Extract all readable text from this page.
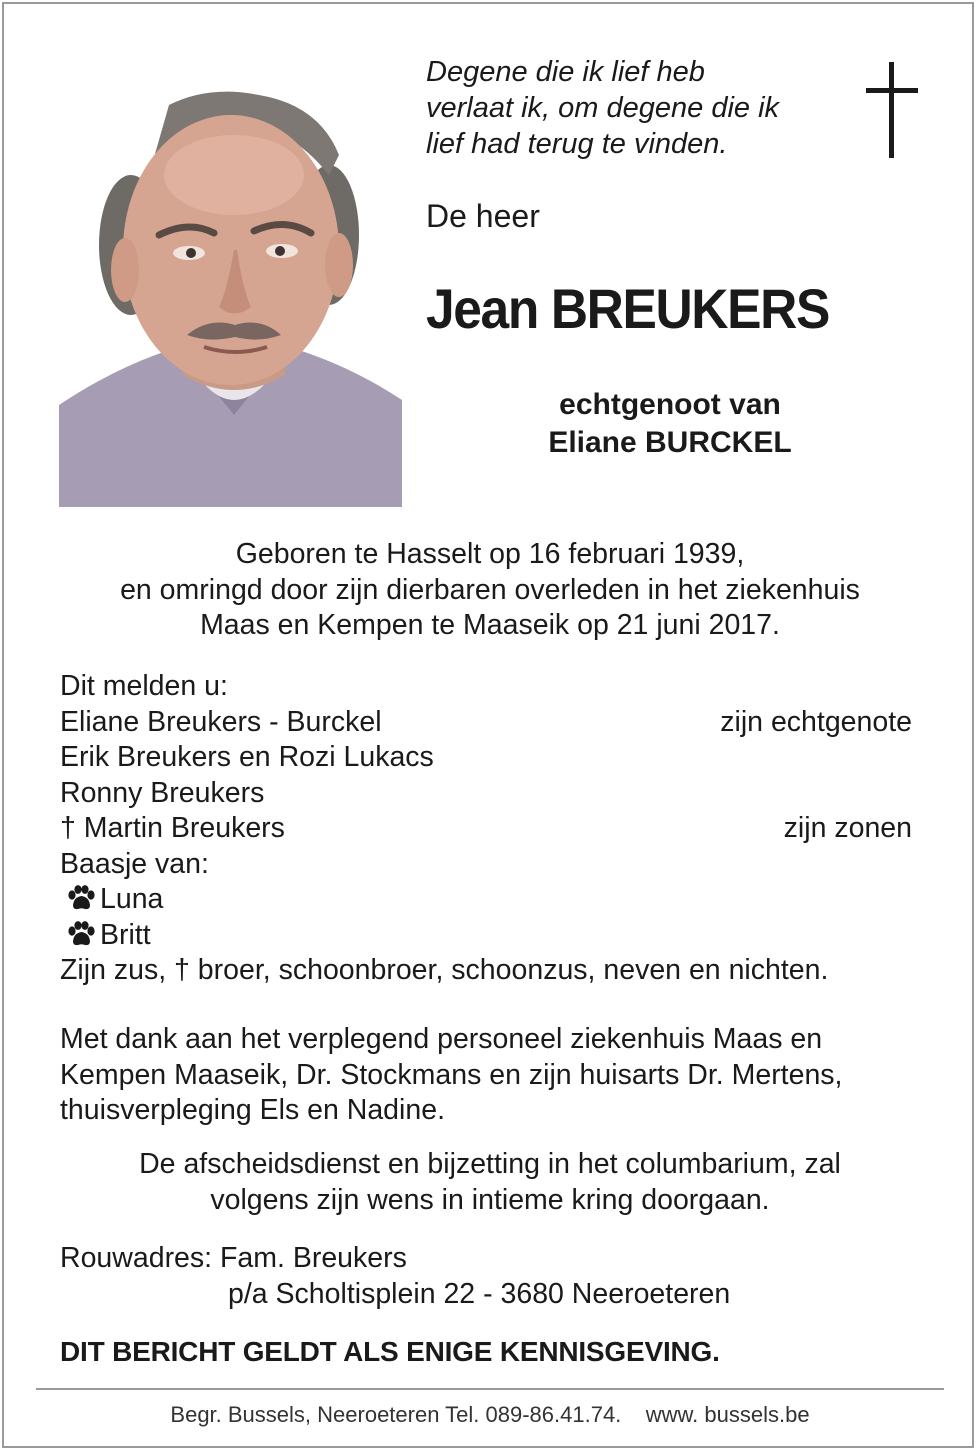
Degene die ik lief heb
verlaat ik, om degene die ik
lief had terug te vinden.
De heer
Jean BREUKERS
echtgenoot van
Eliane BURCKEL
Geboren te Hasselt op 16 februari 1939,
en omringd door zijn dierbaren overleden in het ziekenhuis
Maas en Kempen te Maaseik op 21 juni 2017.
Dit melden u:
Eliane Breukers - Burckel	zijn echtgenote
Erik Breukers en Rozi Lukacs
Ronny Breukers
† Martin Breukers	zijn zonen
Baasje van:
Luna
Britt
Zijn zus, † broer, schoonbroer, schoonzus, neven en nichten.
Met dank aan het verplegend personeel ziekenhuis Maas en
Kempen Maaseik, Dr. Stockmans en zijn huisarts Dr. Mertens,
thuisverpleging Els en Nadine.
De afscheidsdienst en bijzetting in het columbarium, zal
volgens zijn wens in intieme kring doorgaan.
Rouwadres: Fam. Breukers
p/a Scholtisplein 22 - 3680 Neeroeteren
DIT BERICHT GELDT ALS ENIGE KENNISGEVING.
Begr. Bussels, Neeroeteren Tel. 089-86.41.74.    www. bussels.be
